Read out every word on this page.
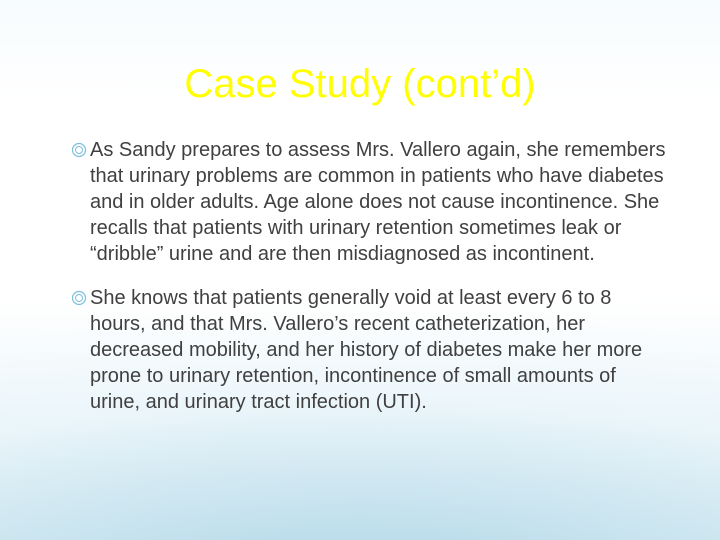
Case Study (cont’d)
As Sandy prepares to assess Mrs. Vallero again, she remembers that urinary problems are common in patients who have diabetes and in older adults. Age alone does not cause incontinence. She recalls that patients with urinary retention sometimes leak or “dribble” urine and are then misdiagnosed as incontinent.
She knows that patients generally void at least every 6 to 8 hours, and that Mrs. Vallero’s recent catheterization, her decreased mobility, and her history of diabetes make her more prone to urinary retention, incontinence of small amounts of urine, and urinary tract infection (UTI).
